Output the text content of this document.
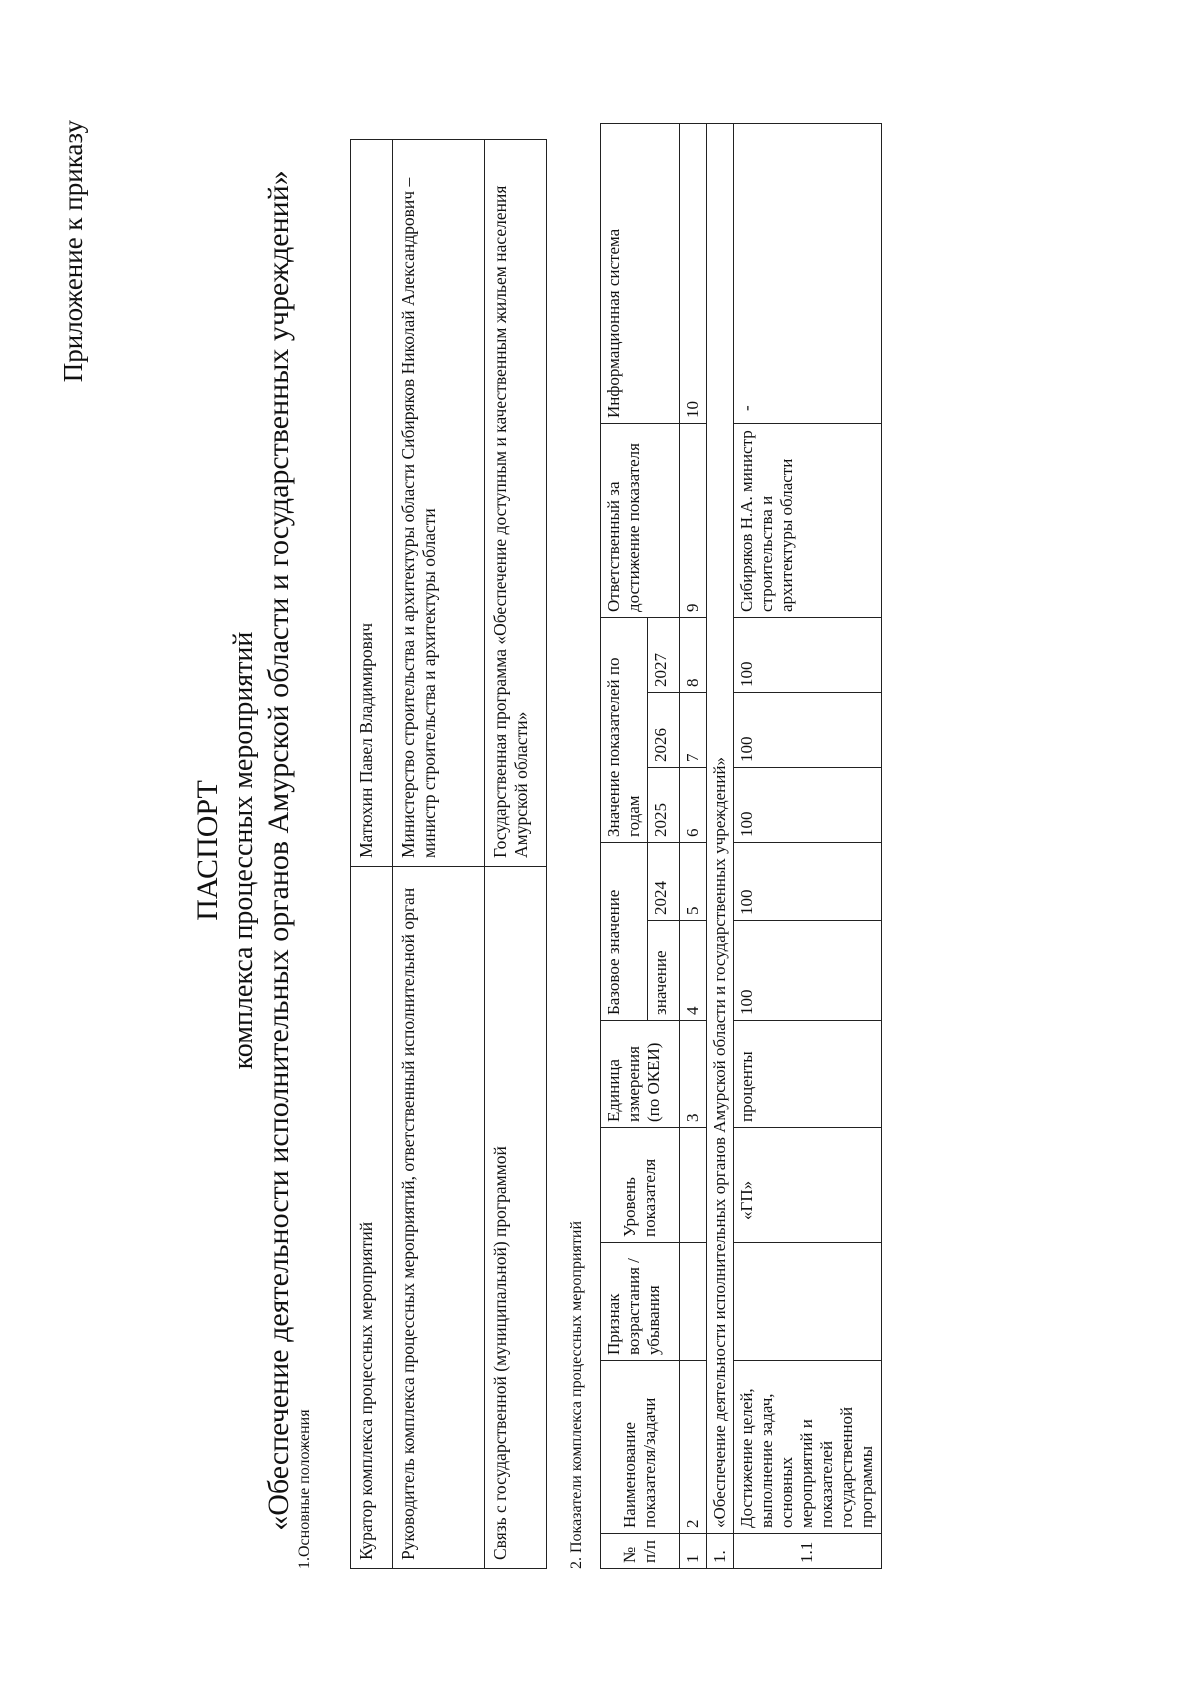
Приложение к приказу
ПАСПОРТ комплекса процессных мероприятий «Обеспечение деятельности исполнительных органов Амурской области и государственных учреждений» 1.Основные положения Куратор комплекса процессных мероприятий	Матюхин Павел Владимирович
Руководитель комплекса процессных мероприятий, ответственный исполнительной орган	Министерство строительства и архитектуры области Сибиряков Николай Александрович – министр строительства и архитектуры области
Связь с государственной (муниципальной) программой	Государственная программа «Обеспечение доступным и качественным жильем населения Амурской области»
2. Показатели комплекса процессных мероприятий № п/п	Наименование показателя/задачи	Признак возрастания / убывания	Уровень показателя	Единица измерения (по ОКЕИ)	Базовое значение		Значение показателей по годам			Ответственный за достижение показателя	Информационная система
					значение	2024	2025	2026	2027		
1	2			3	4	5	6	7	8	9	10
1.	«Обеспечение деятельности исполнительных органов Амурской области и государственных учреждений»										
1.1	Достижение целей, выполнение задач, основных мероприятий и показателей государственной программы		«ГП»	проценты	100	100	100	100	100	Сибиряков Н.А. министр строительства и архитектуры области	-
